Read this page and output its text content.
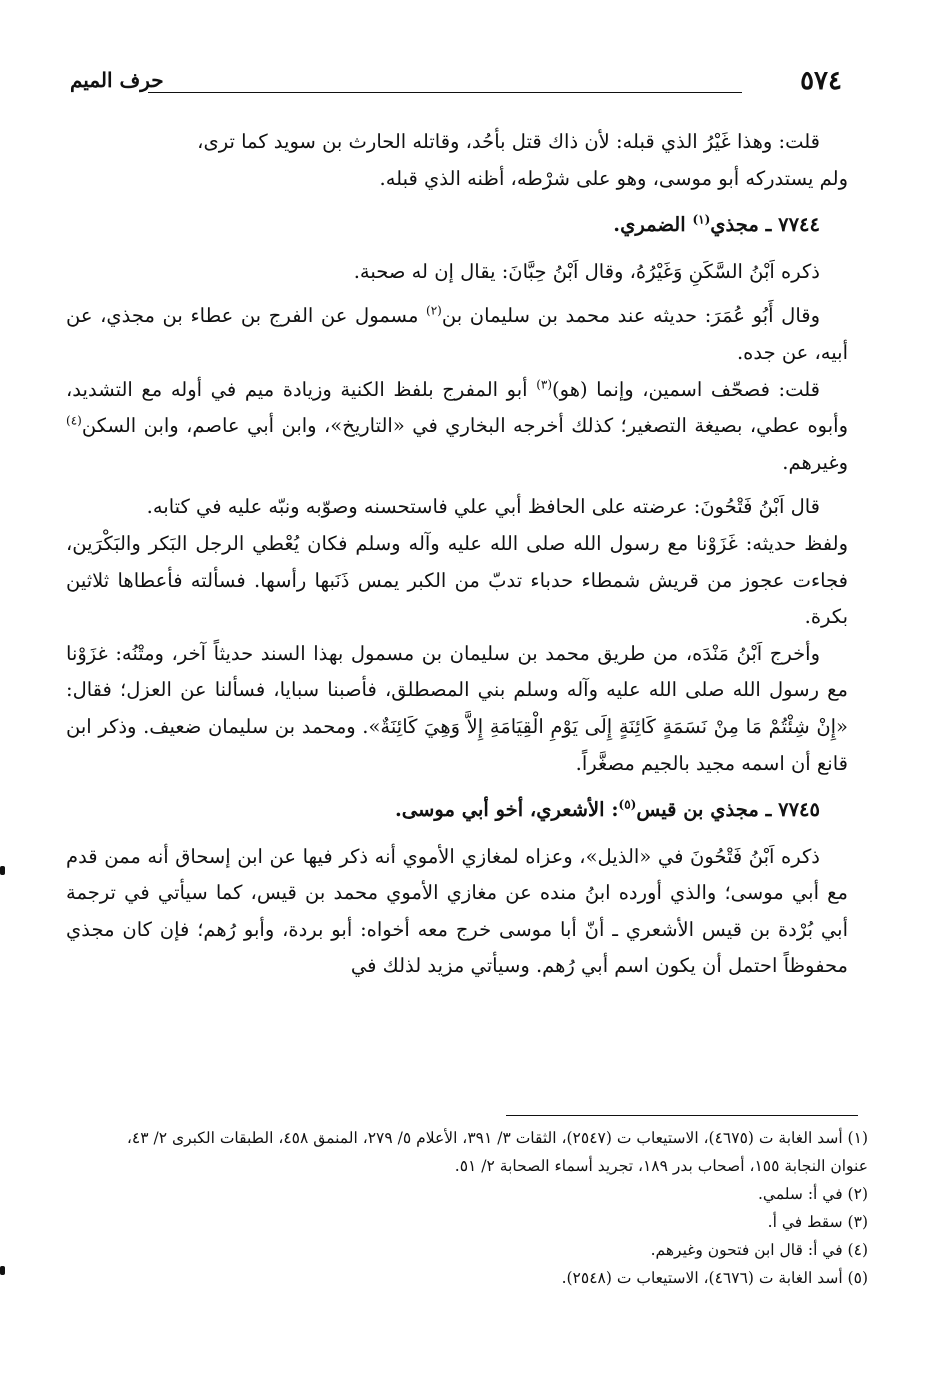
٥٧٤
حرف الميم

قلت: وهذا غَيْرُ الذي قبله: لأن ذاك قتل بأحُد، وقاتله الحارث بن سويد كما ترى،

ولم يستدركه أبو موسى، وهو على شرْطه، أظنه الذي قبله.

٧٧٤٤ ـ مجذي$^{(١)}$ الضمري.

ذكره اَبْنُ السَّكَنِ وَغَيْرُهُ، وقال اَبْنُ حِبَّانَ: يقال إن له صحبة.

وقال أَبُو عُمَرَ: حديثه عند محمد بن سليمان بن$^{(٢)}$ مسمول عن الفرج بن عطاء بن مجذي، عن أبيه، عن جده.

قلت: فصحّف اسمين، وإنما (هو)$^{(٣)}$ أبو المفرج بلفظ الكنية وزيادة ميم في أوله مع التشديد، وأبوه عطي، بصيغة التصغير؛ كذلك أخرجه البخاري في «التاريخ»، وابن أبي عاصم، وابن السكن$^{(٤)}$ وغيرهم.

قال اَبْنُ فَتْحُونَ: عرضته على الحافظ أبي علي فاستحسنه وصوّبه ونبّه عليه في كتابه.

ولفظ حديثه: غَزَوْنا مع رسول الله صلى الله عليه وآله وسلم فكان يُعْطي الرجل البَكر والبَكْرَين، فجاءت عجوز من قريش شمطاء حدباء تدبّ من الكبر يمس ذَنَبها رأسها. فسألته فأعطاها ثلاثين بكرة.

وأخرج اَبْنُ مَنْدَه، من طريق محمد بن سليمان بن مسمول بهذا السند حديثاً آخر، ومتْنُه: غزَوْنا مع رسول الله صلى الله عليه وآله وسلم بني المصطلق، فأصبنا سبايا، فسألنا عن العزل؛ فقال: «إِنْ شِئْتُمْ مَا مِنْ نَسَمَةٍ كَائِنَةٍ إِلَى يَوْمِ الْقِيَامَةِ إِلاَّ وَهِيَ كَائِنَةٌ». ومحمد بن سليمان ضعيف. وذكر ابن قانع أن اسمه مجيد بالجيم مصغَّراً.

٧٧٤٥ ـ مجذي بن قيس$^{(٥)}$: الأشعري، أخو أبي موسى.

ذكره اَبْنُ فَتْحُونَ في «الذيل»، وعزاه لمغازي الأموي أنه ذكر فيها عن ابن إسحاق أنه ممن قدم مع أبي موسى؛ والذي أورده ابنُ منده عن مغازي الأموي محمد بن قيس، كما سيأتي في ترجمة أبي بُرْدة بن قيس الأشعري ـ أنّ أبا موسى خرج معه أخواه: أبو بردة، وأبو رُهم؛ فإن كان مجذي محفوظاً احتمل أن يكون اسم أبي رُهم. وسيأتي مزيد لذلك في

(١) أسد الغابة ت (٤٦٧٥)، الاستيعاب ت (٢٥٤٧)، الثقات ٣/ ٣٩١، الأعلام ٥/ ٢٧٩، المنمق ٤٥٨، الطبقات الكبرى ٢/ ٤٣، عنوان النجابة ١٥٥، أصحاب بدر ١٨٩، تجريد أسماء الصحابة ٢/ ٥١.

(٢) في أ: سلمي.

(٣) سقط في أ.

(٤) في أ: قال ابن فتحون وغيرهم.

(٥) أسد الغابة ت (٤٦٧٦)، الاستيعاب ت (٢٥٤٨).
